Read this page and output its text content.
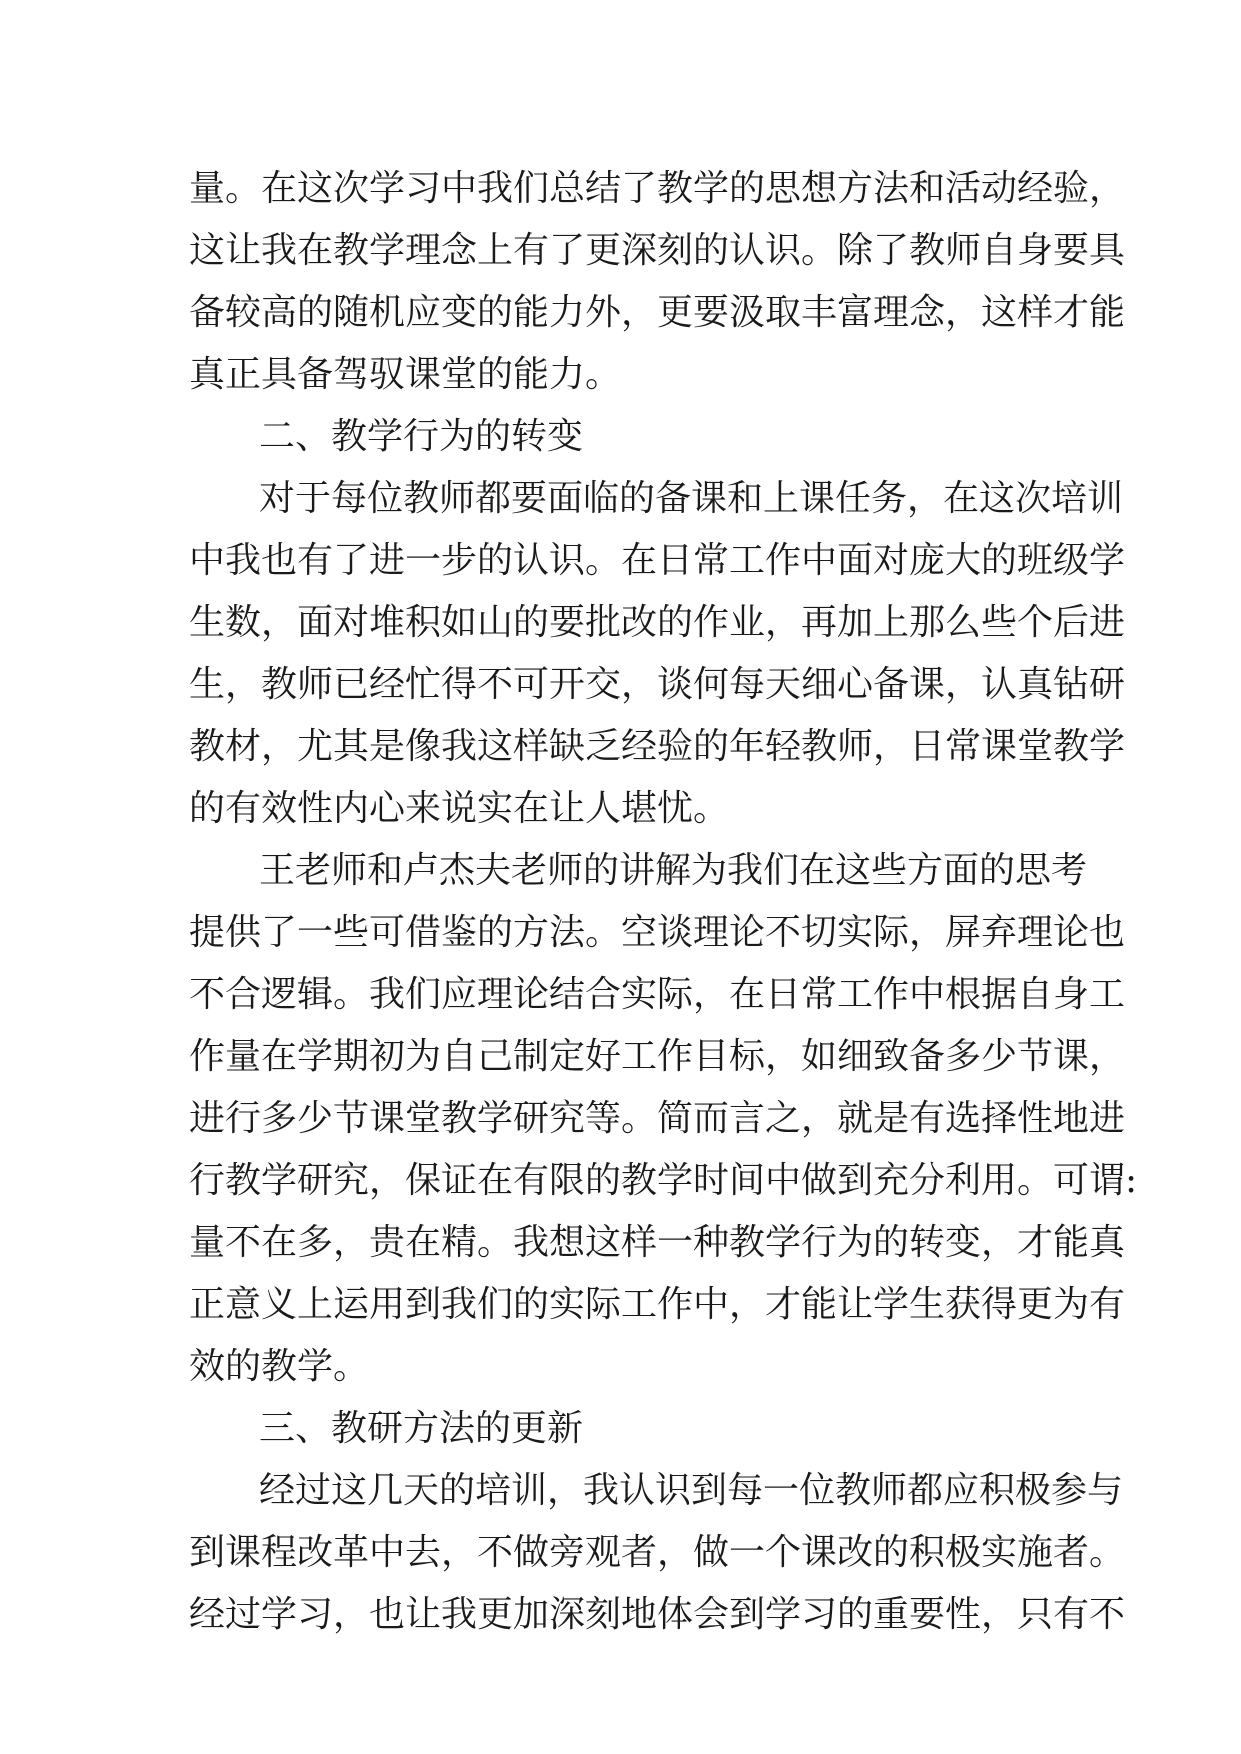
量。在这次学习中我们总结了教学的思想方法和活动经验，
这让我在教学理念上有了更深刻的认识。除了教师自身要具
备较高的随机应变的能力外，更要汲取丰富理念，这样才能
真正具备驾驭课堂的能力。
二、教学行为的转变
对于每位教师都要面临的备课和上课任务，在这次培训
中我也有了进一步的认识。在日常工作中面对庞大的班级学
生数，面对堆积如山的要批改的作业，再加上那么些个后进
生，教师已经忙得不可开交，谈何每天细心备课，认真钻研
教材，尤其是像我这样缺乏经验的年轻教师，日常课堂教学
的有效性内心来说实在让人堪忧。
王老师和卢杰夫老师的讲解为我们在这些方面的思考
提供了一些可借鉴的方法。空谈理论不切实际，屏弃理论也
不合逻辑。我们应理论结合实际，在日常工作中根据自身工
作量在学期初为自己制定好工作目标，如细致备多少节课，
进行多少节课堂教学研究等。简而言之，就是有选择性地进
行教学研究，保证在有限的教学时间中做到充分利用。可谓:
量不在多，贵在精。我想这样一种教学行为的转变，才能真
正意义上运用到我们的实际工作中，才能让学生获得更为有
效的教学。
三、教研方法的更新
经过这几天的培训，我认识到每一位教师都应积极参与
到课程改革中去，不做旁观者，做一个课改的积极实施者。
经过学习，也让我更加深刻地体会到学习的重要性，只有不
